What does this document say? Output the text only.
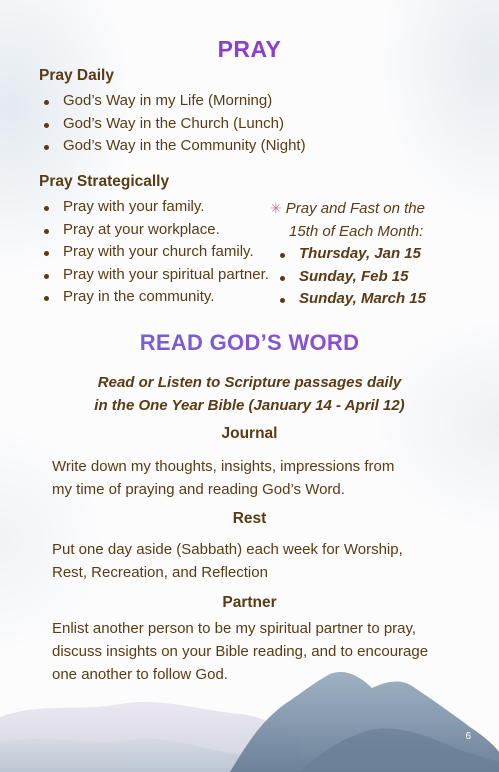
PRAY
Pray Daily
God’s Way in my Life (Morning)
God’s Way in the Church (Lunch)
God’s Way in the Community (Night)
Pray Strategically
Pray with your family.
Pray at your workplace.
Pray with your church family.
Pray with your spiritual partner.
Pray in the community.
✳ Pray and Fast on the
15th of Each Month:
Thursday, Jan 15
Sunday, Feb 15
Sunday, March 15
READ GOD’S WORD
Read or Listen to Scripture passages daily
in the One Year Bible (January 14 - April 12)
Journal
Write down my thoughts, insights, impressions from
my time of praying and reading God’s Word.
Rest
Put one day aside (Sabbath) each week for Worship,
Rest, Recreation, and Reflection
Partner
Enlist another person to be my spiritual partner to pray,
discuss insights on your Bible reading, and to encourage
one another to follow God.
6
